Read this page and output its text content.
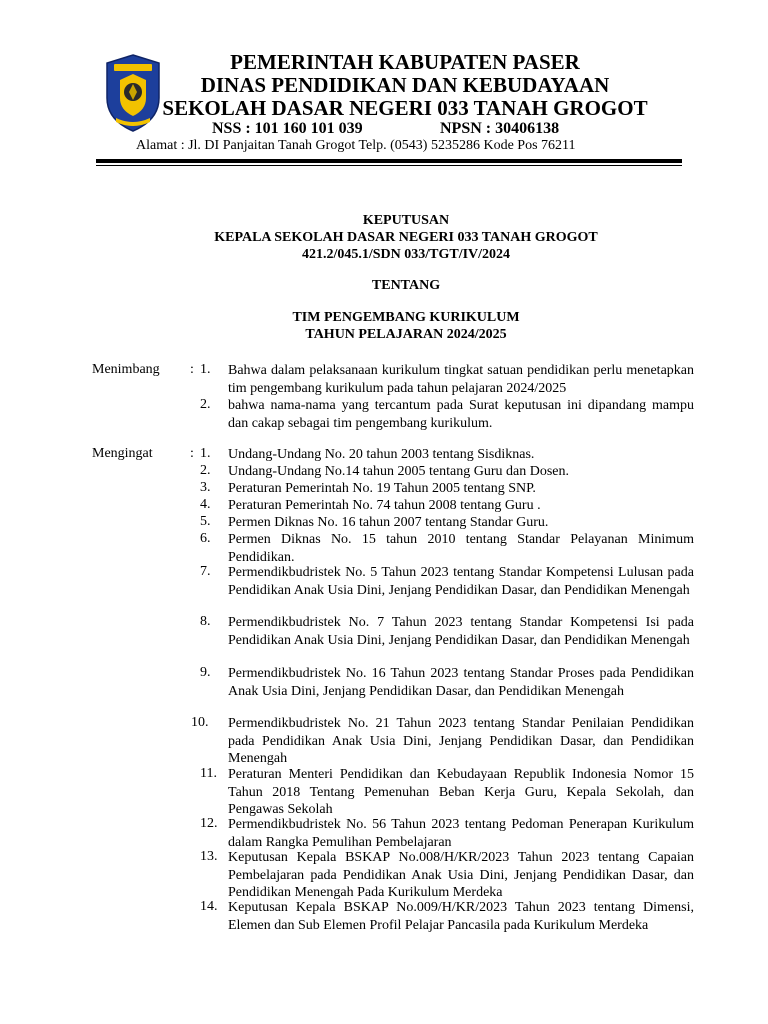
PEMERINTAH KABUPATEN PASER
DINAS PENDIDIKAN DAN KEBUDAYAAN
SEKOLAH DASAR NEGERI 033 TANAH GROGOT
NSS : 101 160 101 039	NPSN : 30406138
Alamat : Jl. DI Panjaitan Tanah Grogot Telp. (0543) 5235286 Kode Pos 76211
KEPUTUSAN
KEPALA SEKOLAH DASAR NEGERI 033 TANAH GROGOT
421.2/045.1/SDN 033/TGT/IV/2024
TENTANG
TIM PENGEMBANG KURIKULUM
TAHUN PELAJARAN 2024/2025
Menimbang : 1. Bahwa dalam pelaksanaan kurikulum tingkat satuan pendidikan perlu menetapkan tim pengembang kurikulum pada tahun pelajaran 2024/2025
2. bahwa nama-nama yang tercantum pada Surat keputusan ini dipandang mampu dan cakap sebagai tim pengembang kurikulum.
Mengingat	: 1. Undang-Undang No. 20 tahun 2003 tentang Sisdiknas.
2. Undang-Undang No.14 tahun 2005 tentang Guru dan Dosen.
3. Peraturan Pemerintah No. 19 Tahun 2005 tentang SNP.
4. Peraturan Pemerintah No. 74 tahun 2008 tentang Guru .
5. Permen Diknas No. 16 tahun 2007 tentang Standar Guru.
6. Permen Diknas No. 15 tahun 2010 tentang Standar Pelayanan Minimum Pendidikan.
7. Permendikbudristek No. 5 Tahun 2023 tentang Standar Kompetensi Lulusan pada Pendidikan Anak Usia Dini, Jenjang Pendidikan Dasar, dan Pendidikan Menengah
8. Permendikbudristek No. 7 Tahun 2023 tentang Standar Kompetensi Isi pada Pendidikan Anak Usia Dini, Jenjang Pendidikan Dasar, dan Pendidikan Menengah
9. Permendikbudristek No. 16 Tahun 2023 tentang Standar Proses pada Pendidikan Anak Usia Dini, Jenjang Pendidikan Dasar, dan Pendidikan Menengah
10. Permendikbudristek No. 21 Tahun 2023 tentang Standar Penilaian Pendidikan pada Pendidikan Anak Usia Dini, Jenjang Pendidikan Dasar, dan Pendidikan Menengah
11. Peraturan Menteri Pendidikan dan Kebudayaan Republik Indonesia Nomor 15 Tahun 2018 Tentang Pemenuhan Beban Kerja Guru, Kepala Sekolah, dan Pengawas Sekolah
12. Permendikbudristek No. 56 Tahun 2023 tentang Pedoman Penerapan Kurikulum dalam Rangka Pemulihan Pembelajaran
13. Keputusan Kepala BSKAP No.008/H/KR/2023 Tahun 2023 tentang Capaian Pembelajaran pada Pendidikan Anak Usia Dini, Jenjang Pendidikan Dasar, dan Pendidikan Menengah Pada Kurikulum Merdeka
14. Keputusan Kepala BSKAP No.009/H/KR/2023 Tahun 2023 tentang Dimensi, Elemen dan Sub Elemen Profil Pelajar Pancasila pada Kurikulum Merdeka
